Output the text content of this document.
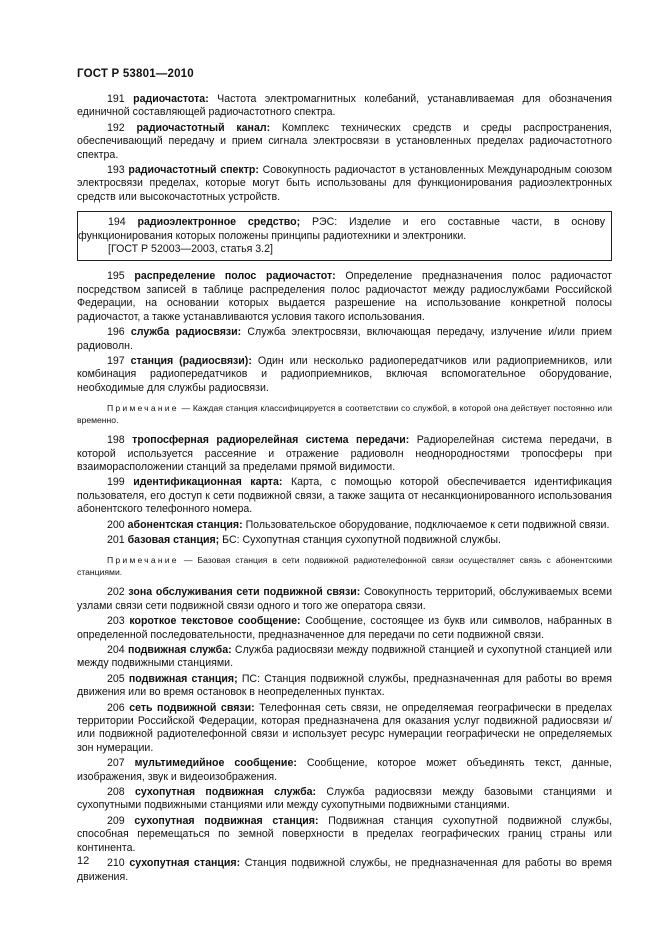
ГОСТ Р 53801—2010

191 радиочастота: Частота электромагнитных колебаний, устанавливаемая для обозначения единичной составляющей радиочастотного спектра.

192 радиочастотный канал: Комплекс технических средств и среды распространения, обеспечивающий передачу и прием сигнала электросвязи в установленных пределах радиочастотного спектра.

193 радиочастотный спектр: Совокупность радиочастот в установленных Международным союзом электросвязи пределах, которые могут быть использованы для функционирования радиоэлектронных средств или высокочастотных устройств.

194 радиоэлектронное средство; РЭС: Изделие и его составные части, в основу функционирования которых положены принципы радиотехники и электроники.

[ГОСТ Р 52003—2003, статья 3.2]

195 распределение полос радиочастот: Определение предназначения полос радиочастот посредством записей в таблице распределения полос радиочастот между радиослужбами Российской Федерации, на основании которых выдается разрешение на использование конкретной полосы радиочастот, а также устанавливаются условия такого использования.

196 служба радиосвязи: Служба электросвязи, включающая передачу, излучение и/или прием радиоволн.

197 станция (радиосвязи): Один или несколько радиопередатчиков или радиоприемников, или комбинация радиопередатчиков и радиоприемников, включая вспомогательное оборудование, необходимые для службы радиосвязи.

Примечание — Каждая станция классифицируется в соответствии со службой, в которой она действует постоянно или временно.

198 тропосферная радиорелейная система передачи: Радиорелейная система передачи, в которой используется рассеяние и отражение радиоволн неоднородностями тропосферы при взаиморасположении станций за пределами прямой видимости.

199 идентификационная карта: Карта, с помощью которой обеспечивается идентификация пользователя, его доступ к сети подвижной связи, а также защита от несанкционированного использования абонентского телефонного номера.

200 абонентская станция: Пользовательское оборудование, подключаемое к сети подвижной связи.

201 базовая станция; БС: Сухопутная станция сухопутной подвижной службы.

Примечание — Базовая станция в сети подвижной радиотелефонной связи осуществляет связь с абонентскими станциями.

202 зона обслуживания сети подвижной связи: Совокупность территорий, обслуживаемых всеми узлами связи сети подвижной связи одного и того же оператора связи.

203 короткое текстовое сообщение: Сообщение, состоящее из букв или символов, набранных в определенной последовательности, предназначенное для передачи по сети подвижной связи.

204 подвижная служба: Служба радиосвязи между подвижной станцией и сухопутной станцией или между подвижными станциями.

205 подвижная станция; ПС: Станция подвижной службы, предназначенная для работы во время движения или во время остановок в неопределенных пунктах.

206 сеть подвижной связи: Телефонная сеть связи, не определяемая географически в пределах территории Российской Федерации, которая предназначена для оказания услуг подвижной радиосвязи и/или подвижной радиотелефонной связи и использует ресурс нумерации географически не определяемых зон нумерации.

207 мультимедийное сообщение: Сообщение, которое может объединять текст, данные, изображения, звук и видеоизображения.

208 сухопутная подвижная служба: Служба радиосвязи между базовыми станциями и сухопутными подвижными станциями или между сухопутными подвижными станциями.

209 сухопутная подвижная станция: Подвижная станция сухопутной подвижной службы, способная перемещаться по земной поверхности в пределах географических границ страны или континента.

210 сухопутная станция: Станция подвижной службы, не предназначенная для работы во время движения.

12
